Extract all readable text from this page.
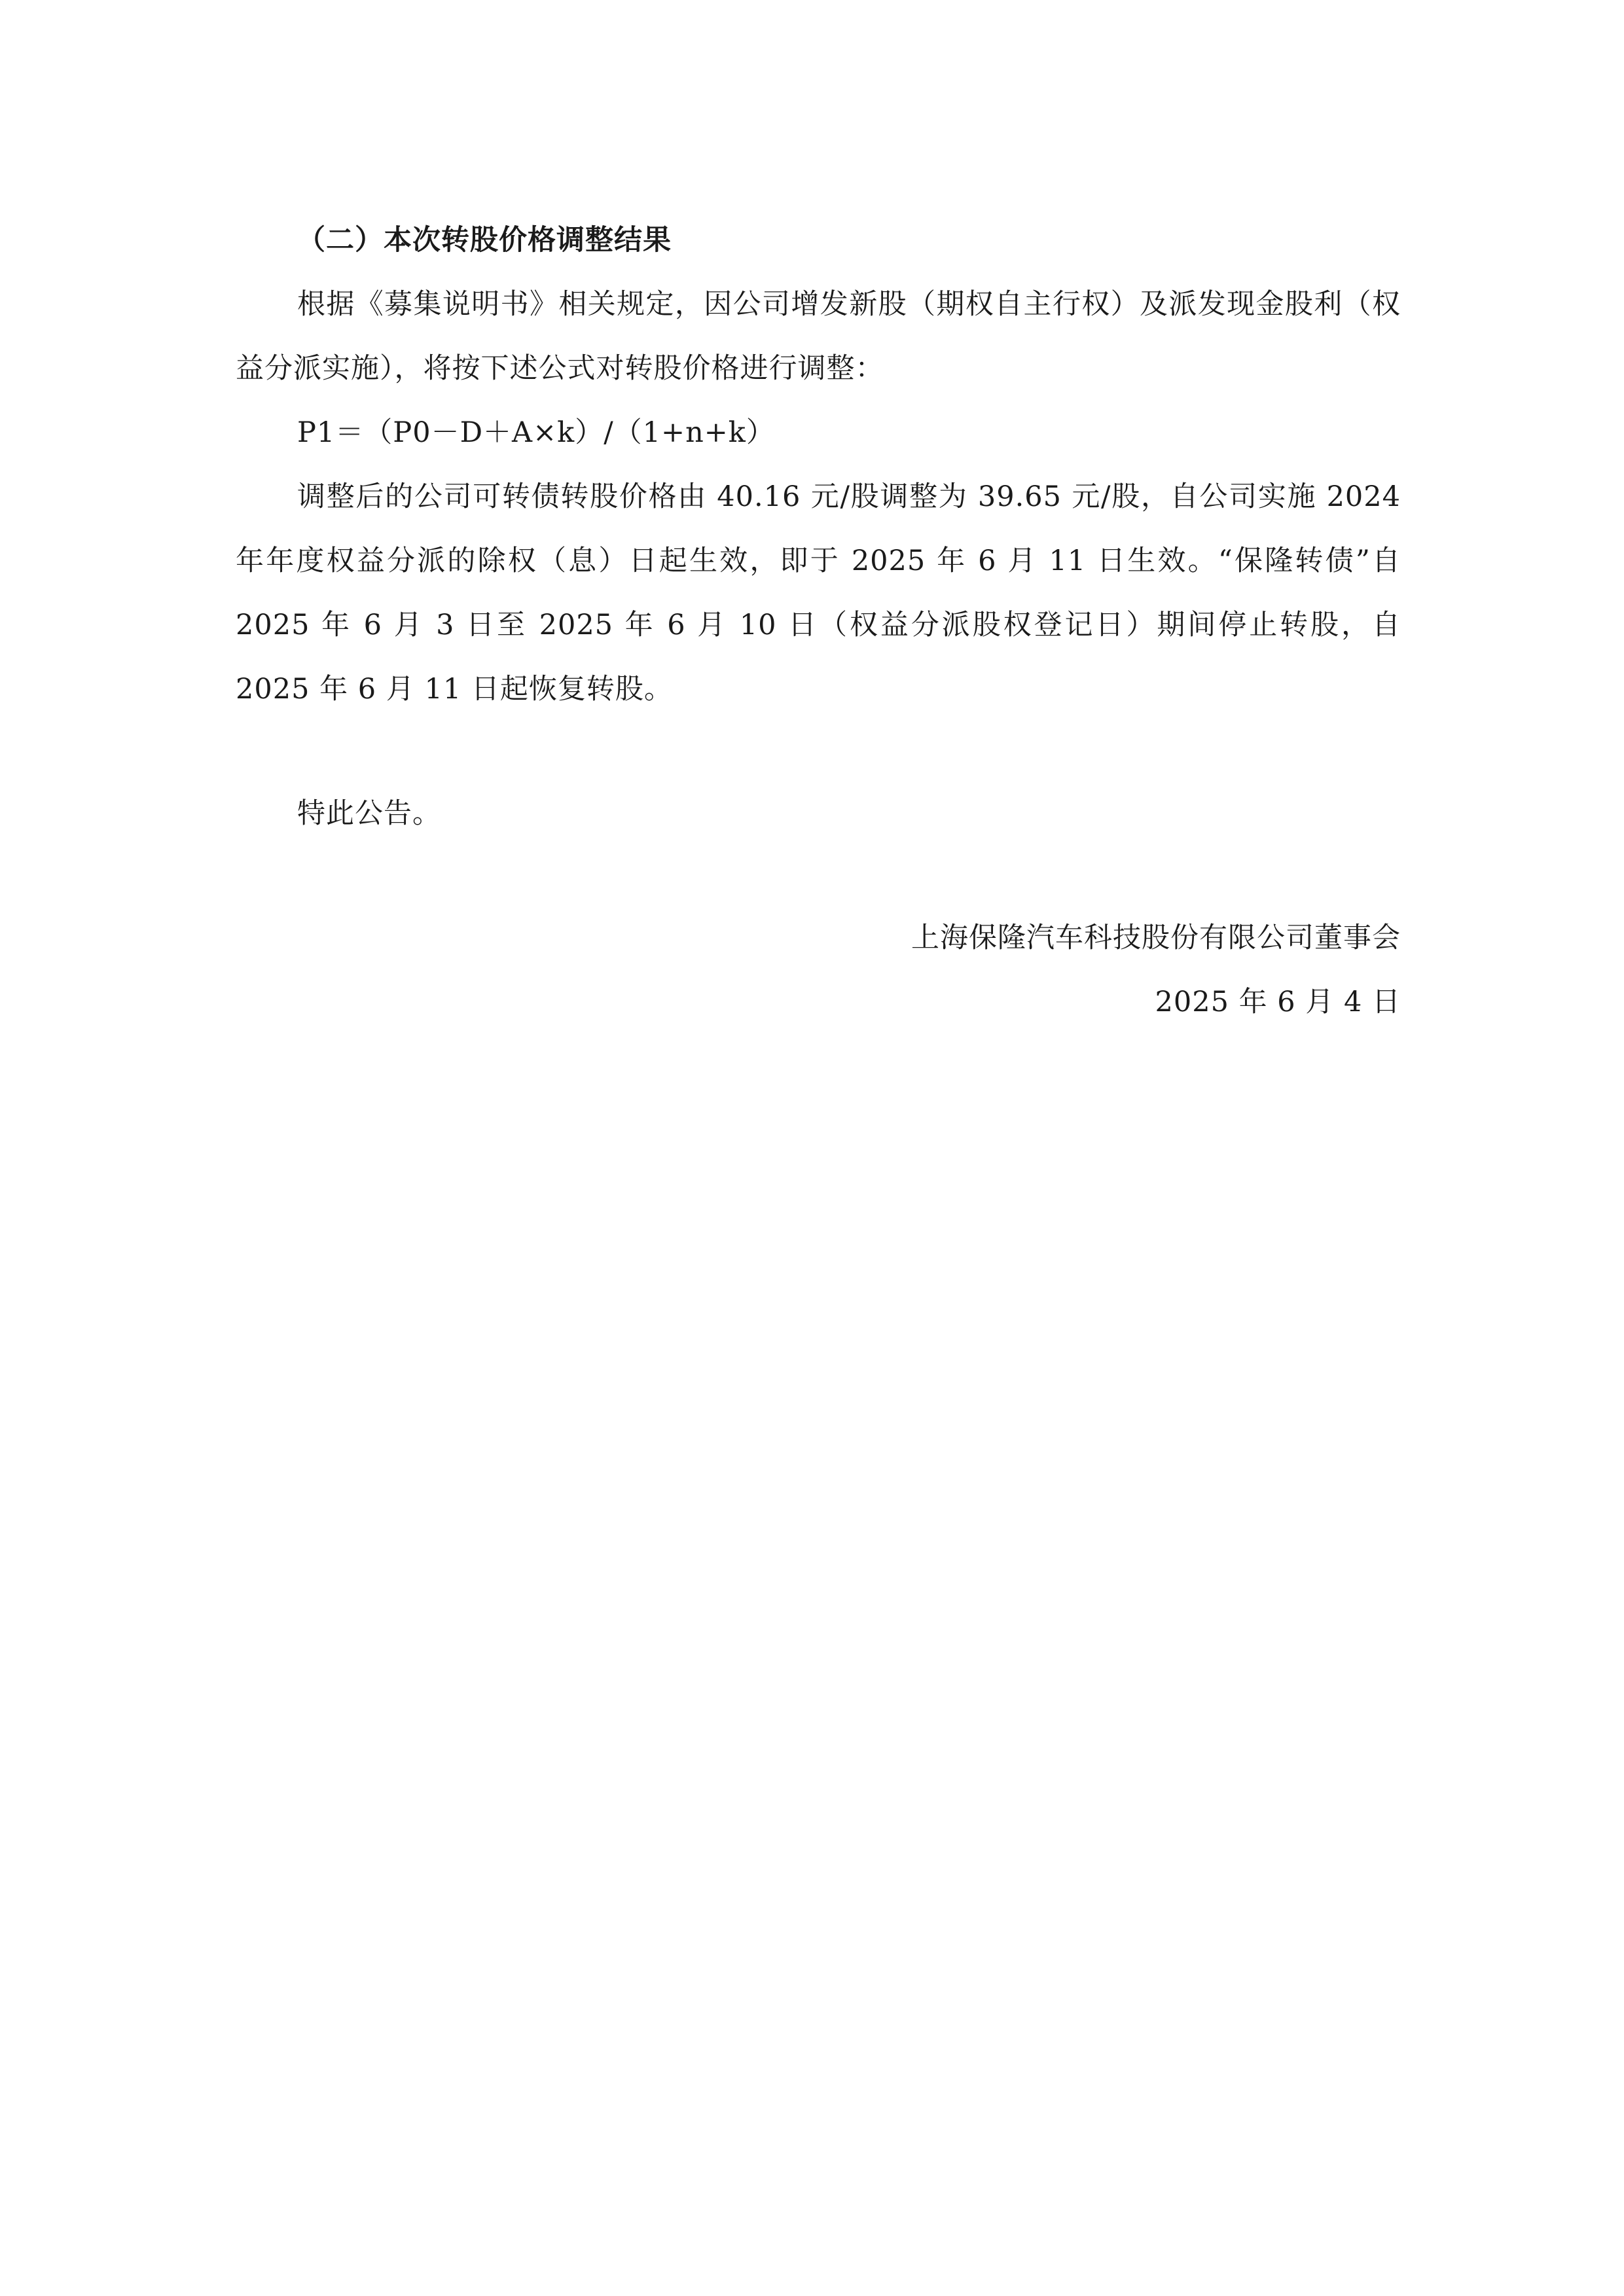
（二）本次转股价格调整结果
根据《募集说明书》相关规定，因公司增发新股（期权自主行权）及派发现金股利（权益分派实施），将按下述公式对转股价格进行调整：
P1＝（P0－D＋A×k）/（1+n+k）
调整后的公司可转债转股价格由 40.16 元/股调整为 39.65 元/股，自公司实施 2024 年年度权益分派的除权（息）日起生效，即于 2025 年 6 月 11 日生效。“保隆转债”自 2025 年 6 月 3 日至 2025 年 6 月 10 日（权益分派股权登记日）期间停止转股，自 2025 年 6 月 11 日起恢复转股。
特此公告。
上海保隆汽车科技股份有限公司董事会
2025 年 6 月 4 日
